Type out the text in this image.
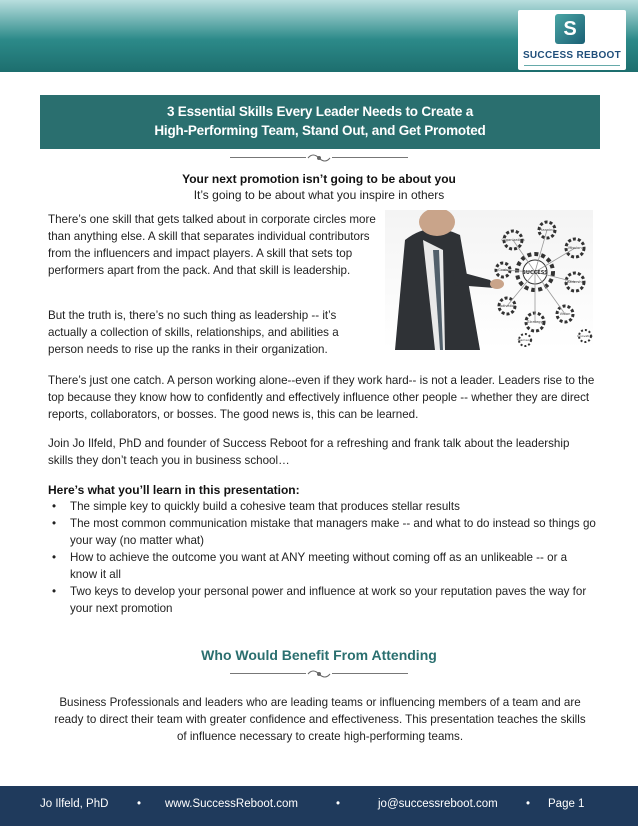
S
SUCCESS REBOOT
3 Essential Skills Every Leader Needs to Create a
High-Performing Team, Stand Out, and Get Promoted
Your next promotion isn’t going to be about you
It’s going to be about what you inspire in others

There’s one skill that gets talked about in corporate circles more than anything else. A skill that separates individual contributors from the influencers and impact players. A skill that sets top performers apart from the pack. And that skill is leadership.

But the truth is, there’s no such thing as leadership -- it’s actually a collection of skills, relationships, and abilities a person needs to rise up the ranks in their organization.

SUCCESS
Organization
Planning
Mission
Leadership
Vision
Strategy
Motivation
Goals
Teamwork
Innovation

There’s just one catch. A person working alone--even if they work hard-- is not a leader. Leaders rise to the top because they know how to confidently and effectively influence other people -- whether they are direct reports, collaborators, or bosses. The good news is, this can be learned.

Join Jo Ilfeld, PhD and founder of Success Reboot for a refreshing and frank talk about the leadership skills they don’t teach you in business school…

Here’s what you’ll learn in this presentation:
• The simple key to quickly build a cohesive team that produces stellar results
• The most common communication mistake that managers make -- and what to do instead so things go your way (no matter what)
• How to achieve the outcome you want at ANY meeting without coming off as an unlikeable -- or a know it all
• Two keys to develop your personal power and influence at work so your reputation paves the way for your next promotion
Who Would Benefit From Attending
Business Professionals and leaders who are leading teams or influencing members of a team and are ready to direct their team with greater confidence and effectiveness. This presentation teaches the skills of influence necessary to create high-performing teams.
Jo Ilfeld, PhD • www.SuccessReboot.com	•	jo@successreboot.com • Page 1
